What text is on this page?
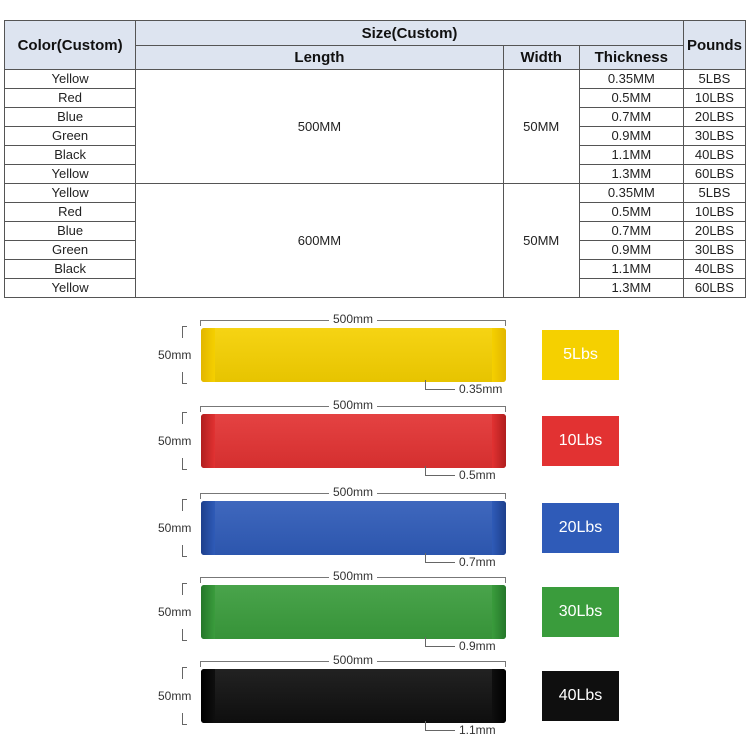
Color(Custom)	Size(Custom)			Pounds
	Length	Width	Thickness	
Yellow	500MM	50MM	0.35MM	5LBS
Red			0.5MM	10LBS
Blue			0.7MM	20LBS
Green			0.9MM	30LBS
Black			1.1MM	40LBS
Yellow			1.3MM	60LBS
Yellow	600MM	50MM	0.35MM	5LBS
Red			0.5MM	10LBS
Blue			0.7MM	20LBS
Green			0.9MM	30LBS
Black			1.1MM	40LBS
Yellow			1.3MM	60LBS
500mm
50mm
0.35mm
5Lbs
500mm
50mm
0.5mm
10Lbs
500mm
50mm
0.7mm
20Lbs
500mm
50mm
0.9mm
30Lbs
500mm
50mm
1.1mm
40Lbs
